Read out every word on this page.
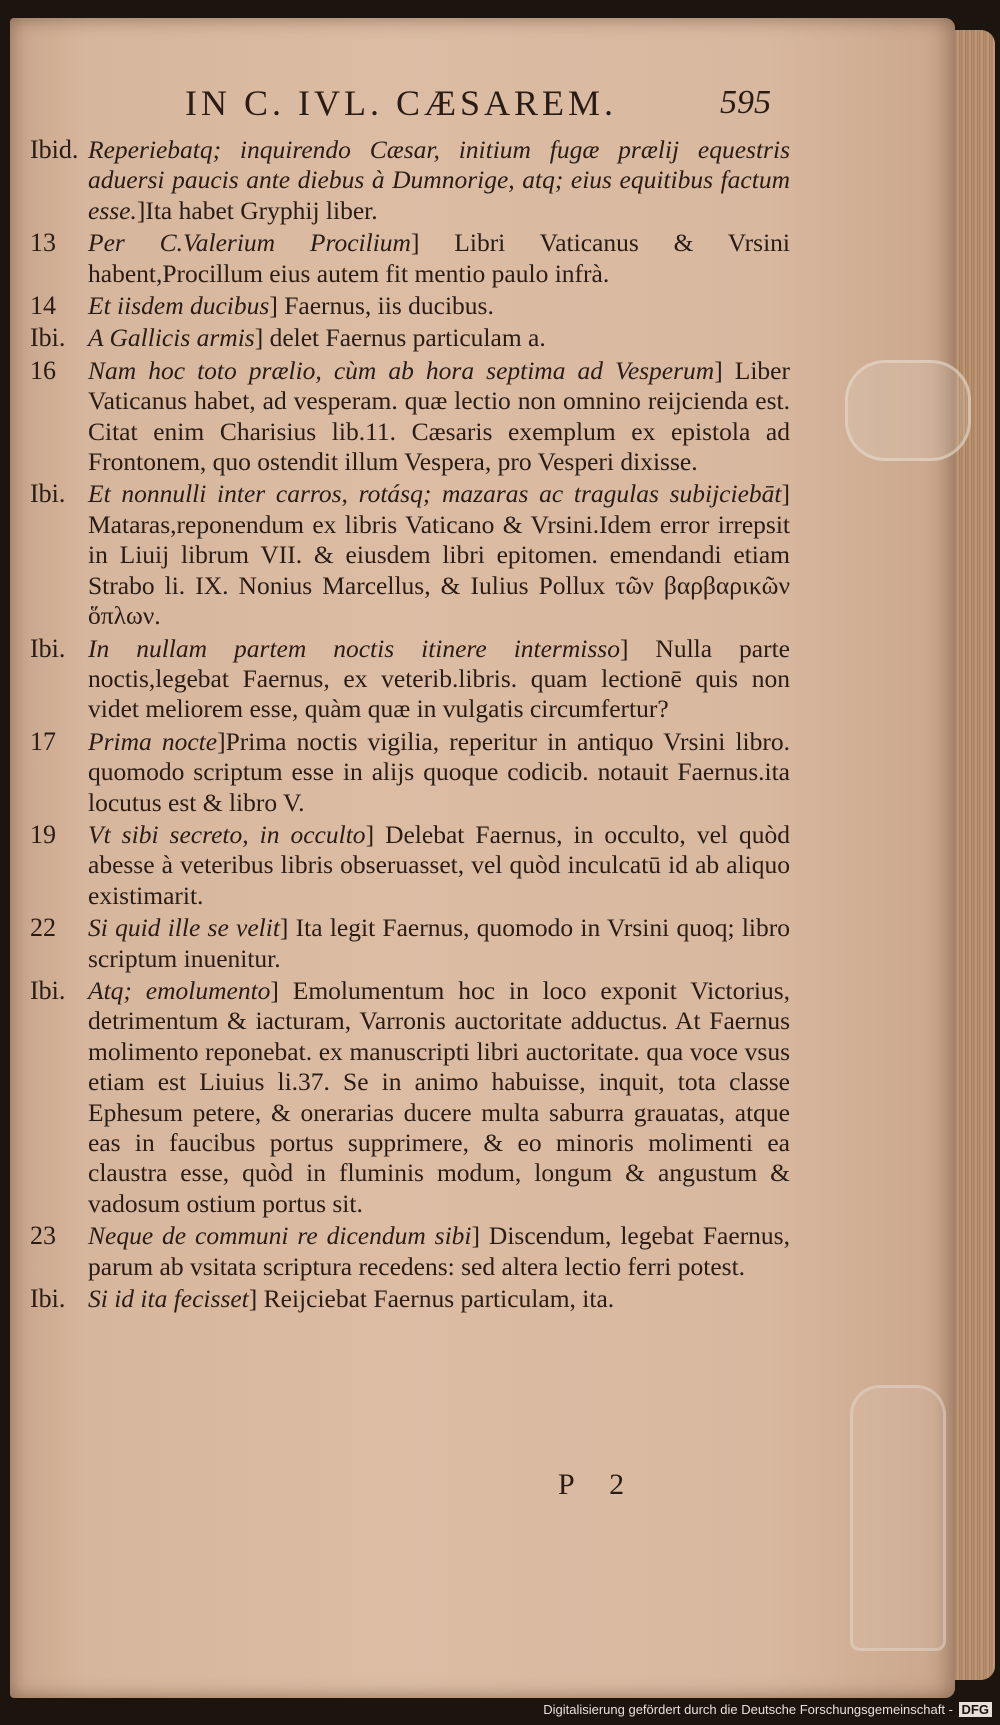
IN C. IVL. CÆSAREM.	595
Ibid. Reperiebatq; inquirendo Cæsar, initium fugæ prælij equestris aduersi paucis ante diebus à Dumnorige, atq; eius equitibus factum esse.]Ita habet Gryphij liber.
13	Per C.Valerium Procilium] Libri Vaticanus & Vrsini habent,Procillum eius autem fit mentio paulo infrà.
14	Et iisdem ducibus] Faernus, iis ducibus.
Ibi. A Gallicis armis] delet Faernus particulam a.
16	Nam hoc toto prælio, cùm ab hora septima ad Vesperum] Liber Vaticanus habet, ad vesperam. quæ lectio non omnino reijcienda est. Citat enim Charisius lib.11. Cæsaris exemplum ex epistola ad Frontonem, quo ostendit illum Vespera, pro Vesperi dixisse.
Ibi. Et nonnulli inter carros, rotásq; mazaras ac tragulas subijciebāt] Mataras,reponendum ex libris Vaticano & Vrsini.Idem error irrepsit in Liuij librum VII. & eiusdem libri epitomen. emendandi etiam Strabo li. IX. Nonius Marcellus, & Iulius Pollux τῶν βαρβαρικῶν ὅπλων.
Ibi. In nullam partem noctis itinere intermisso] Nulla parte noctis,legebat Faernus, ex veterib.libris. quam lectionē quis non videt meliorem esse, quàm quæ in vulgatis circumfertur?
17	Prima nocte]Prima noctis vigilia, reperitur in antiquo Vrsini libro. quomodo scriptum esse in alijs quoque codicib. notauit Faernus.ita locutus est & libro V.
19	Vt sibi secreto, in occulto] Delebat Faernus, in occulto, vel quòd abesse à veteribus libris obseruasset, vel quòd inculcatū id ab aliquo existimarit.
22	Si quid ille se velit] Ita legit Faernus, quomodo in Vrsini quoq; libro scriptum inuenitur.
Ibi. Atq; emolumento] Emolumentum hoc in loco exponit Victorius, detrimentum & iacturam, Varronis auctoritate adductus. At Faernus molimento reponebat. ex manuscripti libri auctoritate. qua voce vsus etiam est Liuius li.37. Se in animo habuisse, inquit, tota classe Ephesum petere, & onerarias ducere multa saburra grauatas, atque eas in faucibus portus supprimere, & eo minoris molimenti ea claustra esse, quòd in fluminis modum, longum & angustum & vadosum ostium portus sit.
23	Neque de communi re dicendum sibi] Discendum, legebat Faernus, parum ab vsitata scriptura recedens: sed altera lectio ferri potest.
Ibi. Si id ita fecisset] Reijciebat Faernus particulam, ita.
P 2
Digitalisierung gefördert durch die Deutsche Forschungsgemeinschaft - DFG
